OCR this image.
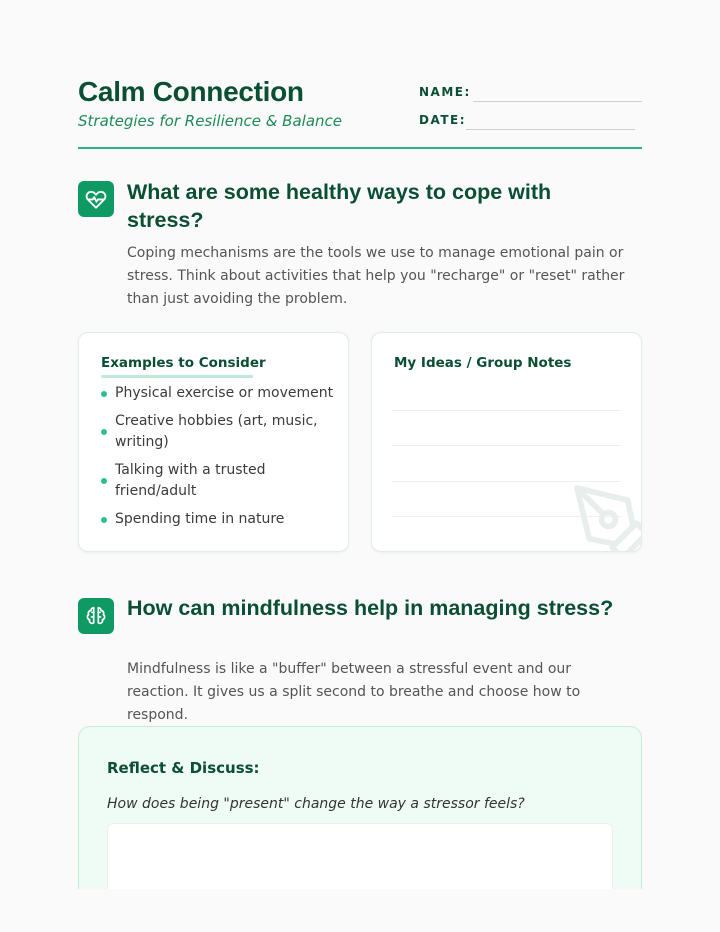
Calm Connection
Strategies for Resilience & Balance
NAME:
DATE:
What are some healthy ways to cope with stress?
Coping mechanisms are the tools we use to manage emotional pain or stress. Think about activities that help you "recharge" or "reset" rather than just avoiding the problem.
Examples to Consider
Physical exercise or movement
Creative hobbies (art, music, writing)
Talking with a trusted friend/adult
Spending time in nature
My Ideas / Group Notes
How can mindfulness help in managing stress?
Mindfulness is like a "buffer" between a stressful event and our reaction. It gives us a split second to breathe and choose how to respond.
Reflect & Discuss:
How does being "present" change the way a stressor feels?
